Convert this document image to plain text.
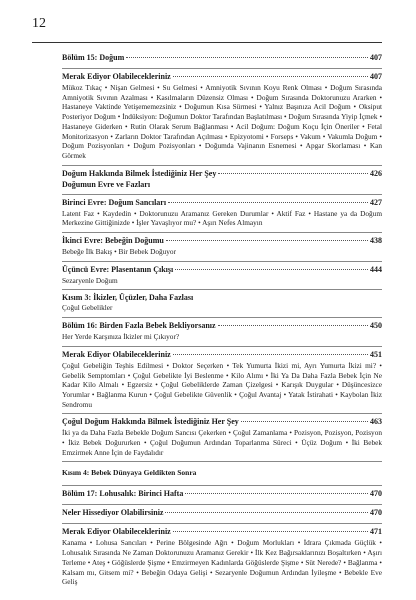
12
Bölüm 15: Doğum	407
Merak Ediyor Olabilecekleriniz	407
Mükoz Tıkaç • Nişan Gelmesi • Su Gelmesi • Amniyotik Sıvının Koyu Renk Olması • Doğum Sırasında Amniyotik Sıvının Azalması • Kasılmaların Düzensiz Olması • Doğum Sırasında Doktorunuzu Ararken • Hastaneye Vaktinde Yetişememezsiniz • Doğumun Kısa Sürmesi • Yalnız Başınıza Acil Doğum • Oksiput Posteriyor Doğum • İndüksiyon: Doğumun Doktor Tarafından Başlatılması • Doğum Sırasında Yiyip İçmek • Hastaneye Giderken • Rutin Olarak Serum Bağlanması • Acil Doğum: Doğum Koçu İçin Öneriler • Fetal Monitorizasyon • Zarların Doktor Tarafından Açılması • Epizyotomi • Forseps • Vakum • Vakumla Doğum • Doğum Pozisyonları • Doğum Pozisyonları • Doğumda Vajinanın Esnemesi • Apgar Skorlaması • Kan Görmek
Doğum Hakkında Bilmek İstediğiniz Her Şey	426
Doğumun Evre ve Fazları
Birinci Evre: Doğum Sancıları	427
Latent Faz • Kaydedin • Doktorunuzu Aramanız Gereken Durumlar • Aktif Faz • Hastane ya da Doğum Merkezine Gittiğinizde • İşler Yavaşlıyor mu? • Aşırı Nefes Almayın
İkinci Evre: Bebeğin Doğumu	438
Bebeğe İlk Bakış • Bir Bebek Doğuyor
Üçüncü Evre: Plasentanın Çıkışı	444
Sezaryenle Doğum
Kısım 3: İkizler, Üçüzler, Daha Fazlası
Çoğul Gebelikler
Bölüm 16: Birden Fazla Bebek Bekliyorsanız	450
Her Yerde Karşınıza İkizler mi Çıkıyor?
Merak Ediyor Olabilecekleriniz	451
Çoğul Gebeliğin Teşhis Edilmesi • Doktor Seçerken • Tek Yumurta İkizi mi, Ayrı Yumurta İkizi mi? • Gebelik Semptomları • Çoğul Gebelikte İyi Beslenme • Kilo Alımı • İki Ya Da Daha Fazla Bebek İçin Ne Kadar Kilo Almalı • Egzersiz • Çoğul Gebeliklerde Zaman Çizelgesi • Karışık Duygular • Düşüncesizce Yorumlar • Bağlanma Kurun • Çoğul Gebelikte Güvenlik • Çoğul Avantaj • Yatak İstirahati • Kaybolan İkiz Sendromu
Çoğul Doğum Hakkında Bilmek İstediğiniz Her Şey	463
İki ya da Daha Fazla Bebekle Doğum Sancısı Çekerken • Çoğul Zamanlama • Pozisyon, Pozisyon, Pozisyon • İkiz Bebek Doğururken • Çoğul Doğumun Ardından Toparlanma Süreci • Üçüz Doğum • İki Bebek Emzirmek Anne İçin de Faydalıdır
Kısım 4: Bebek Dünyaya Geldikten Sonra
Bölüm 17: Lohusalık: Birinci Hafta	470
Neler Hissediyor Olabilirsiniz	470
Merak Ediyor Olabilecekleriniz	471
Kanama • Lohusa Sancıları • Perine Bölgesinde Ağrı • Doğum Morlukları • İdrara Çıkmada Güçlük • Lohusalık Sırasında Ne Zaman Doktorunuzu Aramanız Gerekir • İlk Kez Bağırsaklarınızı Boşaltırken • Aşırı Terleme • Ateş • Göğüslerde Şişme • Emzirmeyen Kadınlarda Göğüslerde Şişme • Süt Nerede? • Bağlanma • Kalsam mı, Gitsem mi? • Bebeğin Odaya Gelişi • Sezaryenle Doğumun Ardından İyileşme • Bebekle Eve Geliş
